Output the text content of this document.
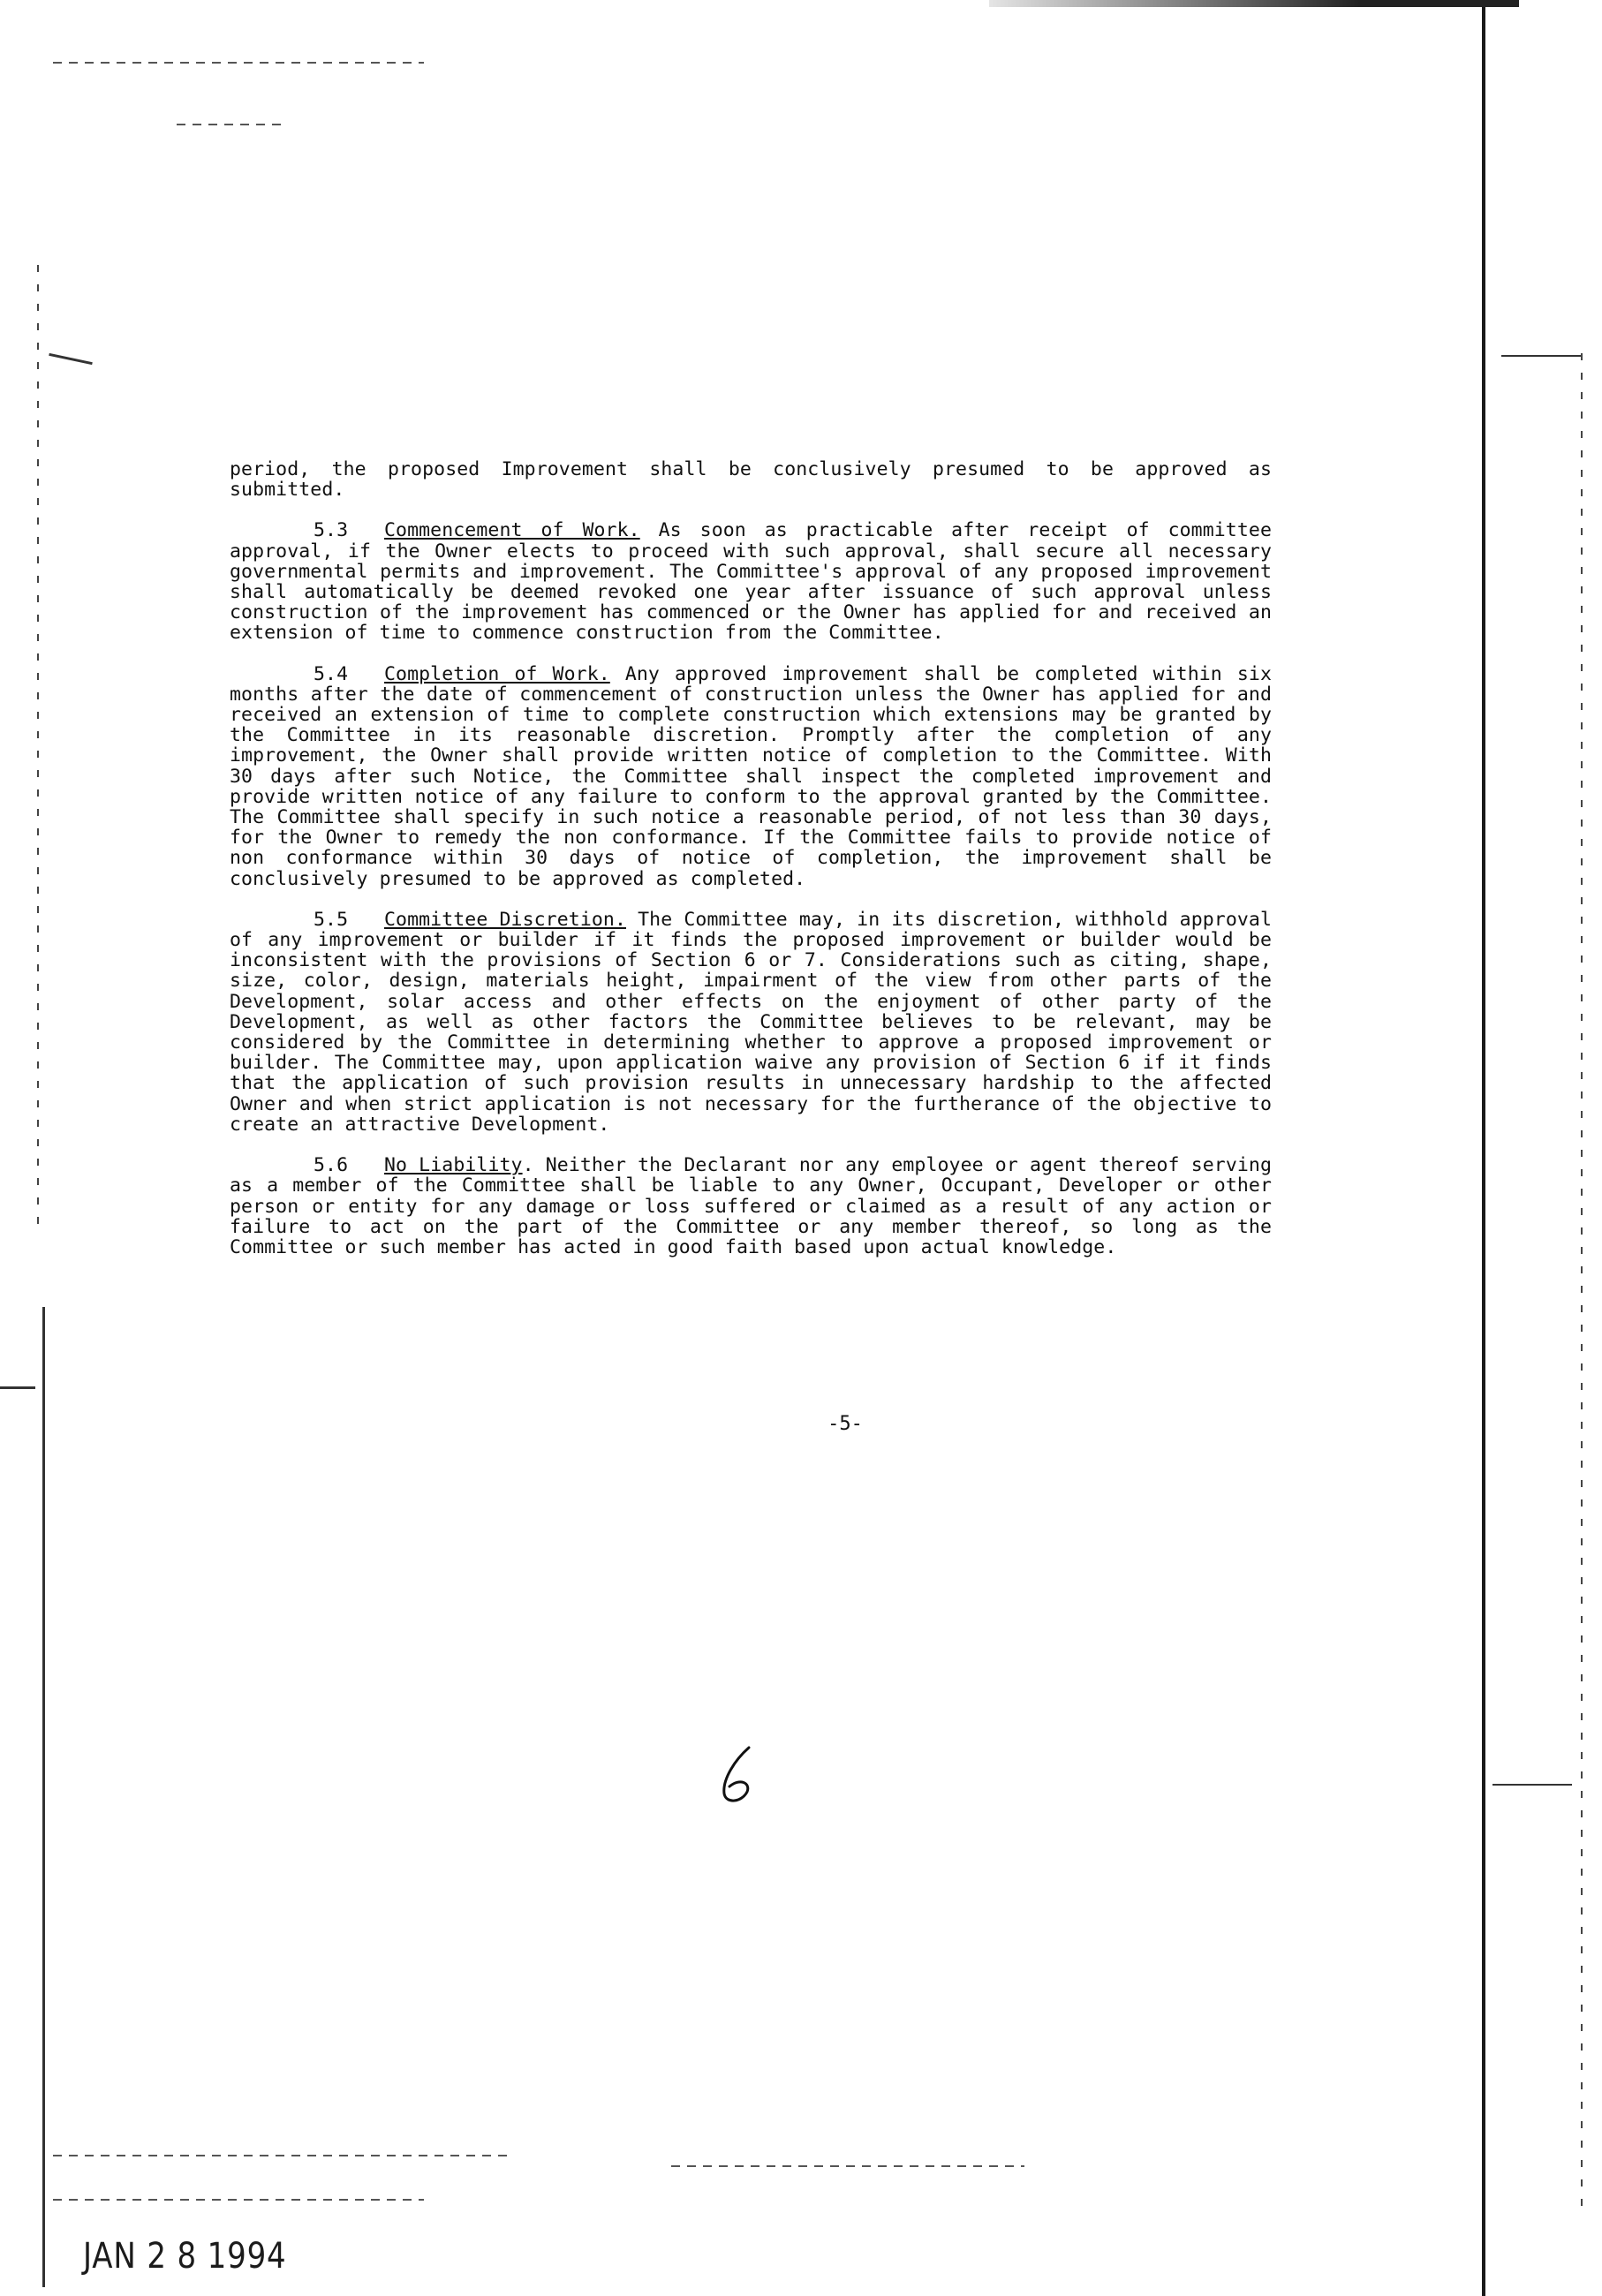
period, the proposed Improvement shall be conclusively presumed to be approved as submitted.

5.3 Commencement of Work. As soon as practicable after receipt of committee approval, if the Owner elects to proceed with such approval, shall secure all necessary governmental permits and improvement. The Committee's approval of any proposed improvement shall automatically be deemed revoked one year after issuance of such approval unless construction of the improvement has commenced or the Owner has applied for and received an extension of time to commence construction from the Committee.

5.4 Completion of Work. Any approved improvement shall be completed within six months after the date of commencement of construction unless the Owner has applied for and received an extension of time to complete construction which extensions may be granted by the Committee in its reasonable discretion. Promptly after the completion of any improvement, the Owner shall provide written notice of completion to the Committee. With 30 days after such Notice, the Committee shall inspect the completed improvement and provide written notice of any failure to conform to the approval granted by the Committee. The Committee shall specify in such notice a reasonable period, of not less than 30 days, for the Owner to remedy the non conformance. If the Committee fails to provide notice of non conformance within 30 days of notice of completion, the improvement shall be conclusively presumed to be approved as completed.

5.5 Committee Discretion. The Committee may, in its discretion, withhold approval of any improvement or builder if it finds the proposed improvement or builder would be inconsistent with the provisions of Section 6 or 7. Considerations such as citing, shape, size, color, design, materials height, impairment of the view from other parts of the Development, solar access and other effects on the enjoyment of other party of the Development, as well as other factors the Committee believes to be relevant, may be considered by the Committee in determining whether to approve a proposed improvement or builder. The Committee may, upon application waive any provision of Section 6 if it finds that the application of such provision results in unnecessary hardship to the affected Owner and when strict application is not necessary for the furtherance of the objective to create an attractive Development.

5.6 No Liability. Neither the Declarant nor any employee or agent thereof serving as a member of the Committee shall be liable to any Owner, Occupant, Developer or other person or entity for any damage or loss suffered or claimed as a result of any action or failure to act on the part of the Committee or any member thereof, so long as the Committee or such member has acted in good faith based upon actual knowledge.

-5-
JAN 2 8 1994
